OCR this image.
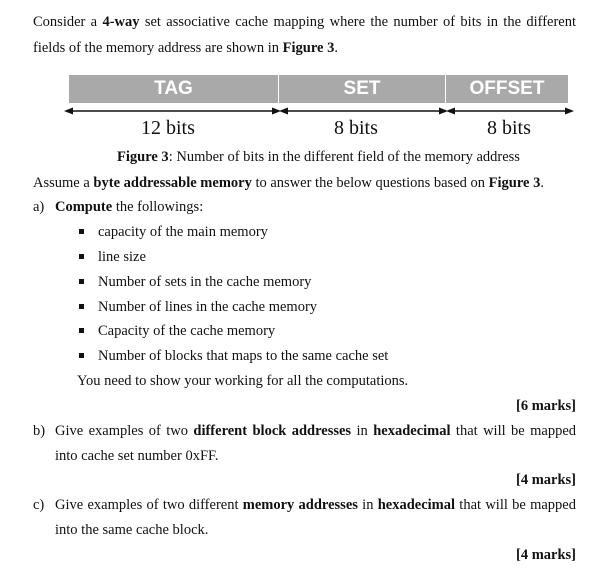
Consider a 4-way set associative cache mapping where the number of bits in the different
fields of the memory address are shown in Figure 3.
TAG	SET	OFFSET
12 bits	8 bits	8 bits
Figure 3: Number of bits in the different field of the memory address
Assume a byte addressable memory to answer the below questions based on Figure 3.
a) Compute the followings:
capacity of the main memory
line size
Number of sets in the cache memory
Number of lines in the cache memory
Capacity of the cache memory
Number of blocks that maps to the same cache set
You need to show your working for all the computations.
[6 marks]
b) Give examples of two different block addresses in hexadecimal that will be mapped
into cache set number 0xFF.
[4 marks]
c) Give examples of two different memory addresses in hexadecimal that will be mapped
into the same cache block.
[4 marks]
